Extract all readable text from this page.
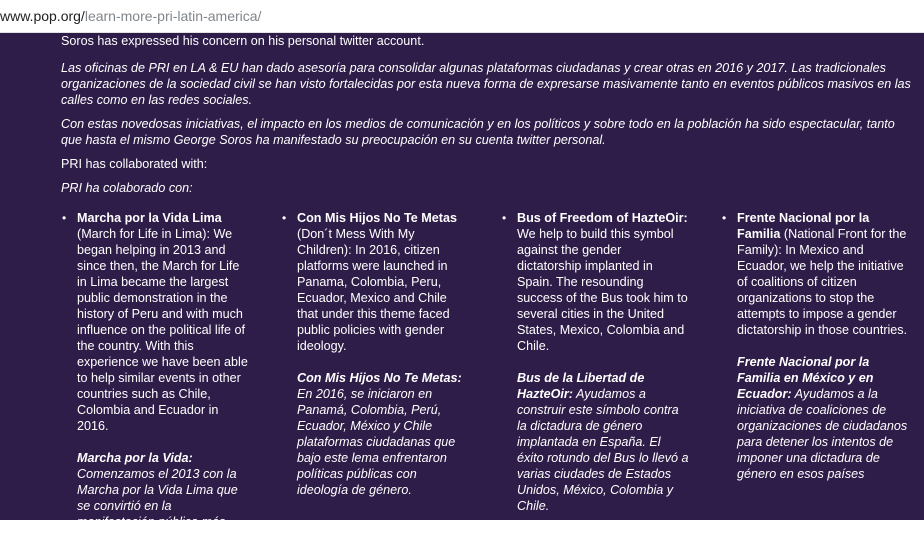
www.pop.org/ learn-more-pri-latin-america/

Soros has expressed his concern on his personal twitter account.

Las oficinas de PRI en LA & EU han dado asesoría para consolidar algunas plataformas ciudadanas y crear otras en 2016 y 2017. Las tradicionales organizaciones de la sociedad civil se han visto fortalecidas por esta nueva forma de expresarse masivamente tanto en eventos públicos masivos en las calles como en las redes sociales.

Con estas novedosas iniciativas, el impacto en los medios de comunicación y en los políticos y sobre todo en la población ha sido espectacular, tanto que hasta el mismo George Soros ha manifestado su preocupación en su cuenta twitter personal.

PRI has collaborated with:

PRI ha colaborado con:

• Marcha por la Vida Lima (March for Life in Lima): We began helping in 2013 and since then, the March for Life in Lima became the largest public demonstration in the history of Peru and with much influence on the political life of the country. With this experience we have been able to help similar events in other countries such as Chile, Colombia and Ecuador in 2016.

Marcha por la Vida: Comenzamos el 2013 con la Marcha por la Vida Lima que se convirtió en la manifestación pública más

• Con Mis Hijos No Te Metas (Don´t Mess With My Children): In 2016, citizen platforms were launched in Panama, Colombia, Peru, Ecuador, Mexico and Chile that under this theme faced public policies with gender ideology.

Con Mis Hijos No Te Metas: En 2016, se iniciaron en Panamá, Colombia, Perú, Ecuador, México y Chile plataformas ciudadanas que bajo este lema enfrentaron políticas públicas con ideología de género.

• Bus of Freedom of HazteOir: We help to build this symbol against the gender dictatorship implanted in Spain. The resounding success of the Bus took him to several cities in the United States, Mexico, Colombia and Chile.

Bus de la Libertad de HazteOir: Ayudamos a construir este símbolo contra la dictadura de género implantada en España. El éxito rotundo del Bus lo llevó a varias ciudades de Estados Unidos, México, Colombia y Chile.

• Frente Nacional por la Familia (National Front for the Family): In Mexico and Ecuador, we help the initiative of coalitions of citizen organizations to stop the attempts to impose a gender dictatorship in those countries.

Frente Nacional por la Familia en México y en Ecuador: Ayudamos a la iniciativa de coaliciones de organizaciones de ciudadanos para detener los intentos de imponer una dictadura de género en esos países
